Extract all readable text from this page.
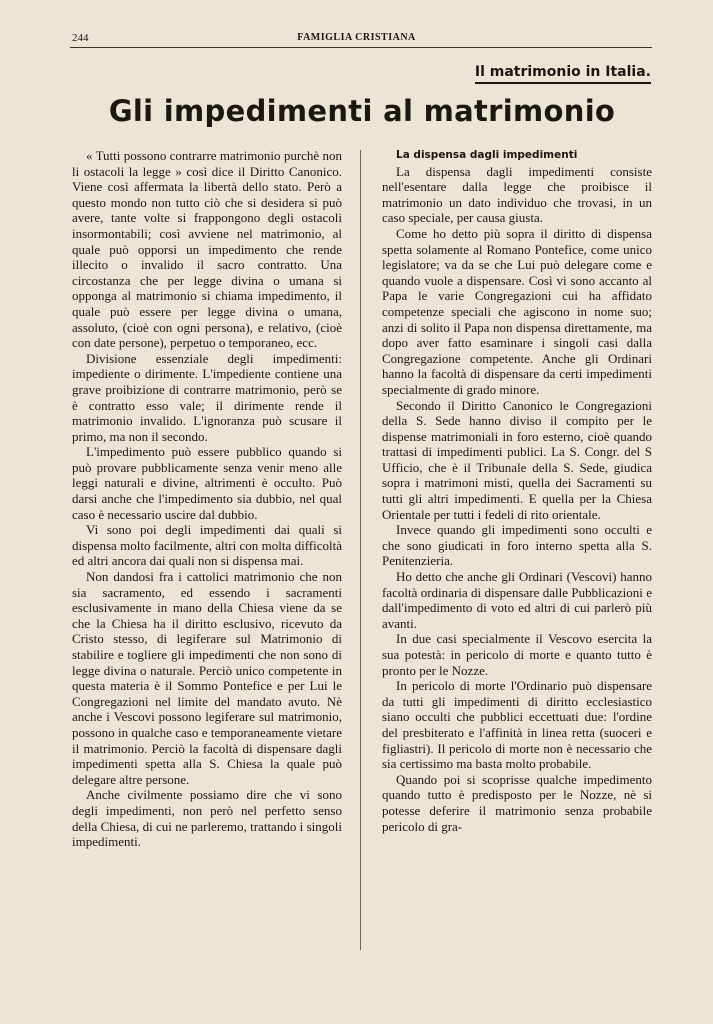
244	FAMIGLIA CRISTIANA
Il matrimonio in Italia.
Gli impedimenti al matrimonio

« Tutti possono contrarre matrimonio purchè non li ostacoli la legge » così dice il Diritto Canonico. Viene così affermata la libertà dello stato. Però a questo mondo non tutto ciò che si desidera si può avere, tante volte si frappongono degli ostacoli insormontabili; così avviene nel matrimonio, al quale può opporsi un impedimento che rende illecito o invalido il sacro contratto. Una circostanza che per legge divina o umana si opponga al matrimonio si chiama impedimento, il quale può essere per legge divina o umana, assoluto, (cioè con ogni persona), e relativo, (cioè con date persone), perpetuo o temporaneo, ecc.

Divisione essenziale degli impedimenti: impediente o dirimente. L'impediente contiene una grave proibizione di contrarre matrimonio, però se è contratto esso vale; il dirimente rende il matrimonio invalido. L'ignoranza può scusare il primo, ma non il secondo.

L'impedimento può essere pubblico quando si può provare pubblicamente senza venir meno alle leggi naturali e divine, altrimenti è occulto. Può darsi anche che l'impedimento sia dubbio, nel qual caso è necessario uscire dal dubbio.

Vi sono poi degli impedimenti dai quali si dispensa molto facilmente, altri con molta difficoltà ed altri ancora dai quali non si dispensa mai.

Non dandosi fra i cattolici matrimonio che non sia sacramento, ed essendo i sacramenti esclusivamente in mano della Chiesa viene da se che la Chiesa ha il diritto esclusivo, ricevuto da Cristo stesso, di legiferare sul Matrimonio di stabilire e togliere gli impedimenti che non sono di legge divina o naturale. Perciò unico competente in questa materia è il Sommo Pontefice e per Lui le Congregazioni nel limite del mandato avuto. Nè anche i Vescovi possono legiferare sul matrimonio, possono in qualche caso e temporaneamente vietare il matrimonio. Perciò la facoltà di dispensare dagli impedimenti spetta alla S. Chiesa la quale può delegare altre persone.

Anche civilmente possiamo dire che vi sono degli impedimenti, non però nel perfetto senso della Chiesa, di cui ne parleremo, trattando i singoli impedimenti.

La dispensa dagli impedimenti

La dispensa dagli impedimenti consiste nell'esentare dalla legge che proibisce il matrimonio un dato individuo che trovasi, in un caso speciale, per causa giusta.

Come ho detto più sopra il diritto di dispensa spetta solamente al Romano Pontefice, come unico legislatore; va da se che Lui può delegare come e quando vuole a dispensare. Così vi sono accanto al Papa le varie Congregazioni cui ha affidato competenze speciali che agiscono in nome suo; anzi di solito il Papa non dispensa direttamente, ma dopo aver fatto esaminare i singoli casi dalla Congregazione competente. Anche gli Ordinari hanno la facoltà di dispensare da certi impedimenti specialmente di grado minore.

Secondo il Diritto Canonico le Congregazioni della S. Sede hanno diviso il compito per le dispense matrimoniali in foro esterno, cioè quando trattasi di impedimenti publici. La S. Congr. del S Ufficio, che è il Tribunale della S. Sede, giudica sopra i matrimoni misti, quella dei Sacramenti su tutti gli altri impedimenti. E quella per la Chiesa Orientale per tutti i fedeli di rito orientale.

Invece quando gli impedimenti sono occulti e che sono giudicati in foro interno spetta alla S. Penitenzieria.

Ho detto che anche gli Ordinari (Vescovi) hanno facoltà ordinaria di dispensare dalle Pubblicazioni e dall'impedimento di voto ed altri di cui parlerò più avanti.

In due casi specialmente il Vescovo esercita la sua potestà: in pericolo di morte e quanto tutto è pronto per le Nozze.

In pericolo di morte l'Ordinario può dispensare da tutti gli impedimenti di diritto ecclesiastico siano occulti che pubblici eccettuati due: l'ordine del presbiterato e l'affinità in linea retta (suoceri e figliastri). Il pericolo di morte non è necessario che sia certissimo ma basta molto probabile.

Quando poi si scoprisse qualche impedimento quando tutto è predisposto per le Nozze, nè si potesse deferire il matrimonio senza probabile pericolo di gra-
